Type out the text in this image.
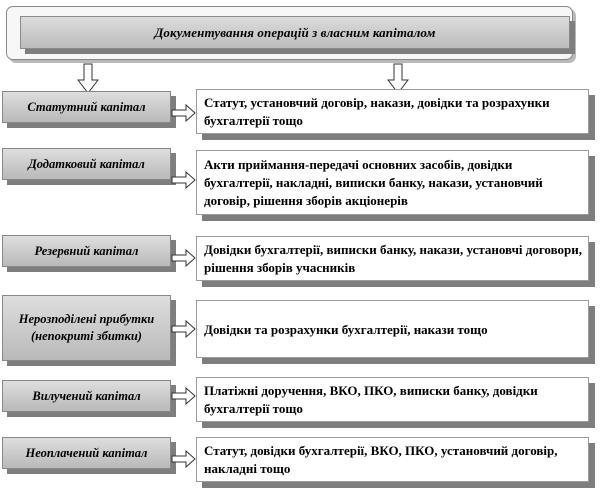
Документування операцій з власним капіталом
Статутний капітал	Статут, установчий договір, накази, довідки та розрахунки бухгалтерії тощо
Додатковий капітал	Акти приймання-передачі основних засобів, довідки бухгалтерії, накладні, виписки банку, накази, установчий договір, рішення зборів акціонерів
Резервний капітал	Довідки бухгалтерії, виписки банку, накази, установчі договори, рішення зборів учасників
Нерозподілені прибутки (непокриті збитки)	Довідки та розрахунки бухгалтерії, накази тощо
Вилучений капітал	Платіжні доручення, ВКО, ПКО, виписки банку, довідки бухгалтерії тощо
Неоплачений капітал	Статут, довідки бухгалтерії, ВКО, ПКО, установчий договір, накладні тощо
